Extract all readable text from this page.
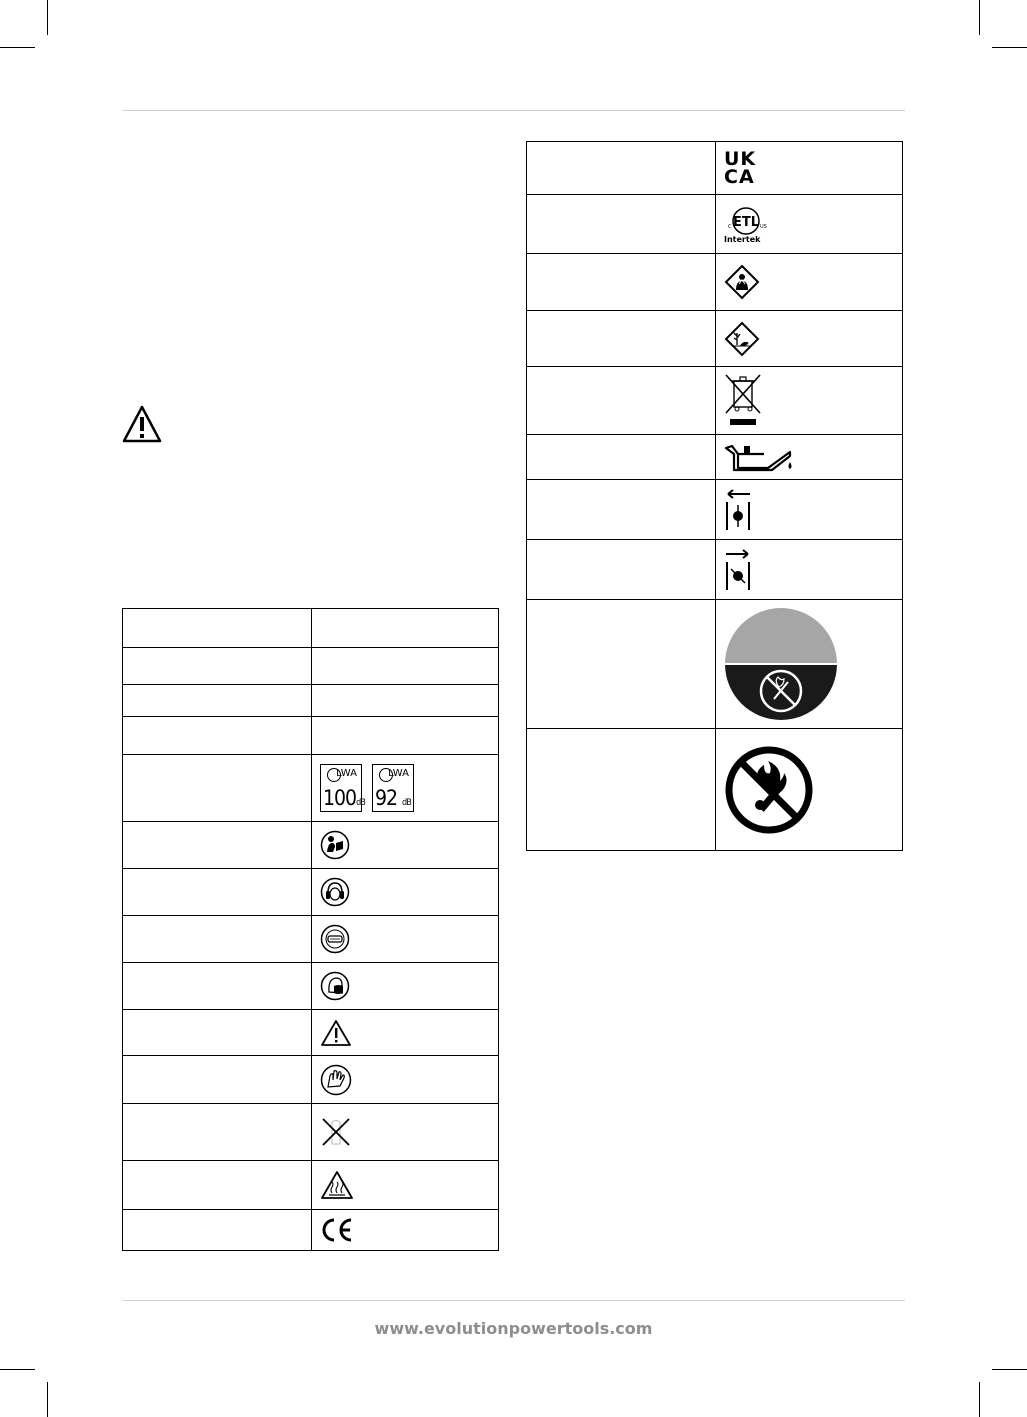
	LWA
100dB
LWA
92 dB

	UK
CA

ETL
C US
Intertek

www.evolutionpowertools.com
